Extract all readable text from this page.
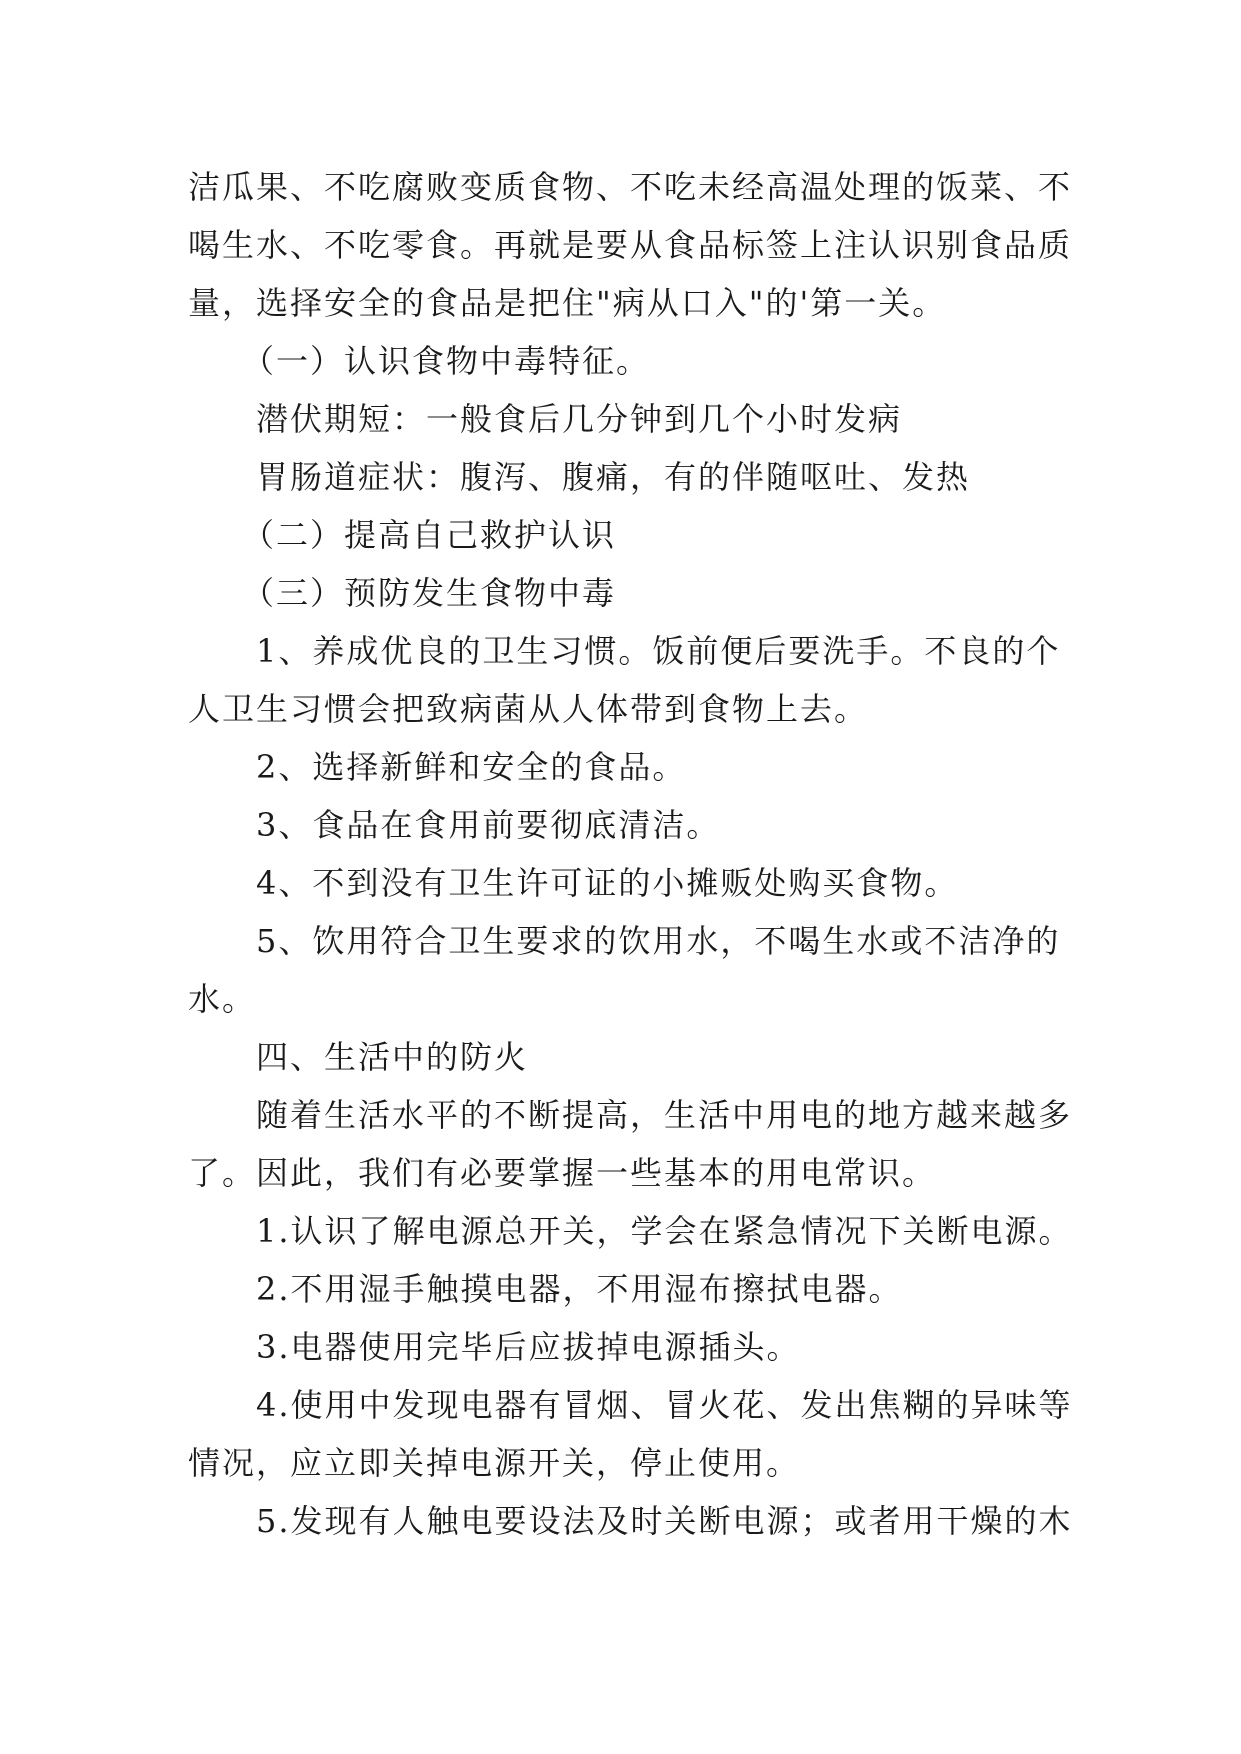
洁瓜果、不吃腐败变质食物、不吃未经高温处理的饭菜、不
喝生水、不吃零食。再就是要从食品标签上注认识别食品质
量，选择安全的食品是把住"病从口入"的'第一关。
（一）认识食物中毒特征。
潜伏期短：一般食后几分钟到几个小时发病
胃肠道症状：腹泻、腹痛，有的伴随呕吐、发热
（二）提高自己救护认识
（三）预防发生食物中毒
1、养成优良的卫生习惯。饭前便后要洗手。不良的个
人卫生习惯会把致病菌从人体带到食物上去。
2、选择新鲜和安全的食品。
3、食品在食用前要彻底清洁。
4、不到没有卫生许可证的小摊贩处购买食物。
5、饮用符合卫生要求的饮用水，不喝生水或不洁净的
水。
四、生活中的防火
随着生活水平的不断提高，生活中用电的地方越来越多
了。因此，我们有必要掌握一些基本的用电常识。
1.认识了解电源总开关，学会在紧急情况下关断电源。
2.不用湿手触摸电器，不用湿布擦拭电器。
3.电器使用完毕后应拔掉电源插头。
4.使用中发现电器有冒烟、冒火花、发出焦糊的异味等
情况，应立即关掉电源开关，停止使用。
5.发现有人触电要设法及时关断电源；或者用干燥的木
